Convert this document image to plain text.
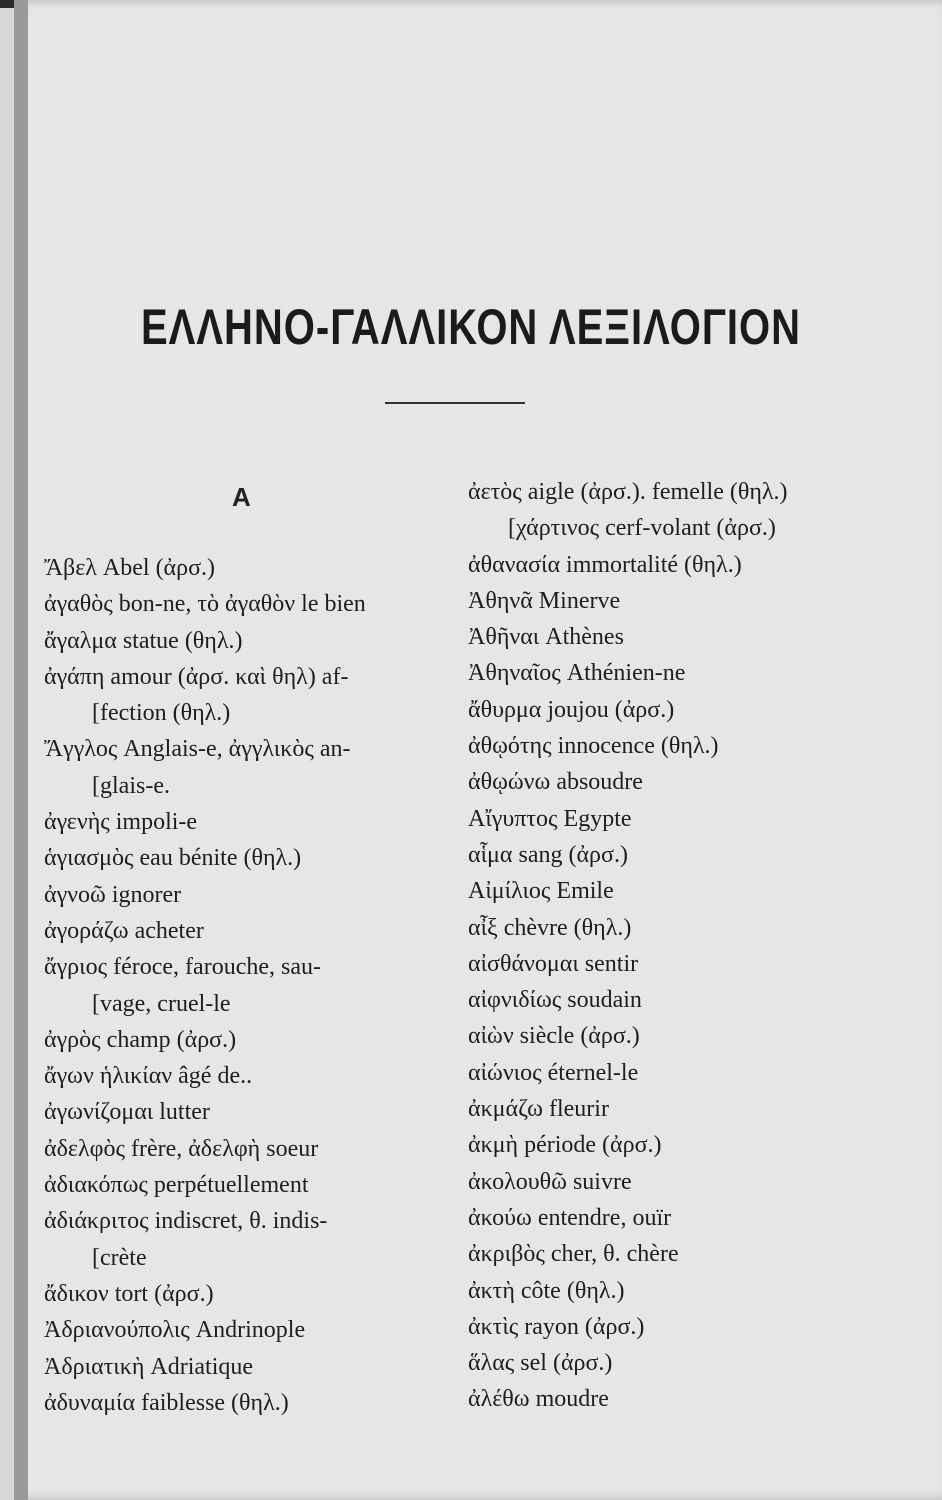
ΕΛΛΗΝΟ-ΓΑΛΛΙΚΟΝ ΛΕΞΙΛΟΓΙΟΝ
Α
Ἄβελ Abel (ἀρσ.)
ἀγαθὸς bon-ne, τὸ ἀγαθὸν le bien
ἄγαλμα statue (θηλ.)
ἀγάπη amour (ἀρσ. καὶ θηλ) af-
[fection (θηλ.)
Ἄγγλος Anglais-e, ἀγγλικὸς an-
[glais-e.
ἀγενὴς impoli-e
ἁγιασμὸς eau bénite (θηλ.)
ἀγνοῶ ignorer
ἀγοράζω acheter
ἄγριος féroce, farouche, sau-
[vage, cruel-le
ἀγρὸς champ (ἀρσ.)
ἄγων ἡλικίαν âgé de..
ἀγωνίζομαι lutter
ἀδελφὸς frère, ἀδελφὴ soeur
ἀδιακόπως perpétuellement
ἀδιάκριτος indiscret, θ. indis-
[crète
ἄδικον tort (ἀρσ.)
Ἀδριανούπολις Andrinople
Ἀδριατικὴ Adriatique
ἀδυναμία faiblesse (θηλ.)
ἀετὸς aigle (ἀρσ.). femelle (θηλ.)
[χάρτινος cerf-volant (ἀρσ.)
ἀθανασία immortalité (θηλ.)
Ἀθηνᾶ Minerve
Ἀθῆναι Athènes
Ἀθηναῖος Athénien-ne
ἄθυρμα joujou (ἀρσ.)
ἀθῳότης innocence (θηλ.)
ἀθῳώνω absoudre
Αἴγυπτος Egypte
αἷμα sang (ἀρσ.)
Αἰμίλιος Emile
αἶξ chèvre (θηλ.)
αἰσθάνομαι sentir
αἰφνιδίως soudain
αἰὼν siècle (ἀρσ.)
αἰώνιος éternel-le
ἀκμάζω fleurir
ἀκμὴ période (ἀρσ.)
ἀκολουθῶ suivre
ἀκούω entendre, ouïr
ἀκριβὸς cher, θ. chère
ἀκτὴ côte (θηλ.)
ἀκτὶς rayon (ἀρσ.)
ἅλας sel (ἀρσ.)
ἀλέθω moudre
